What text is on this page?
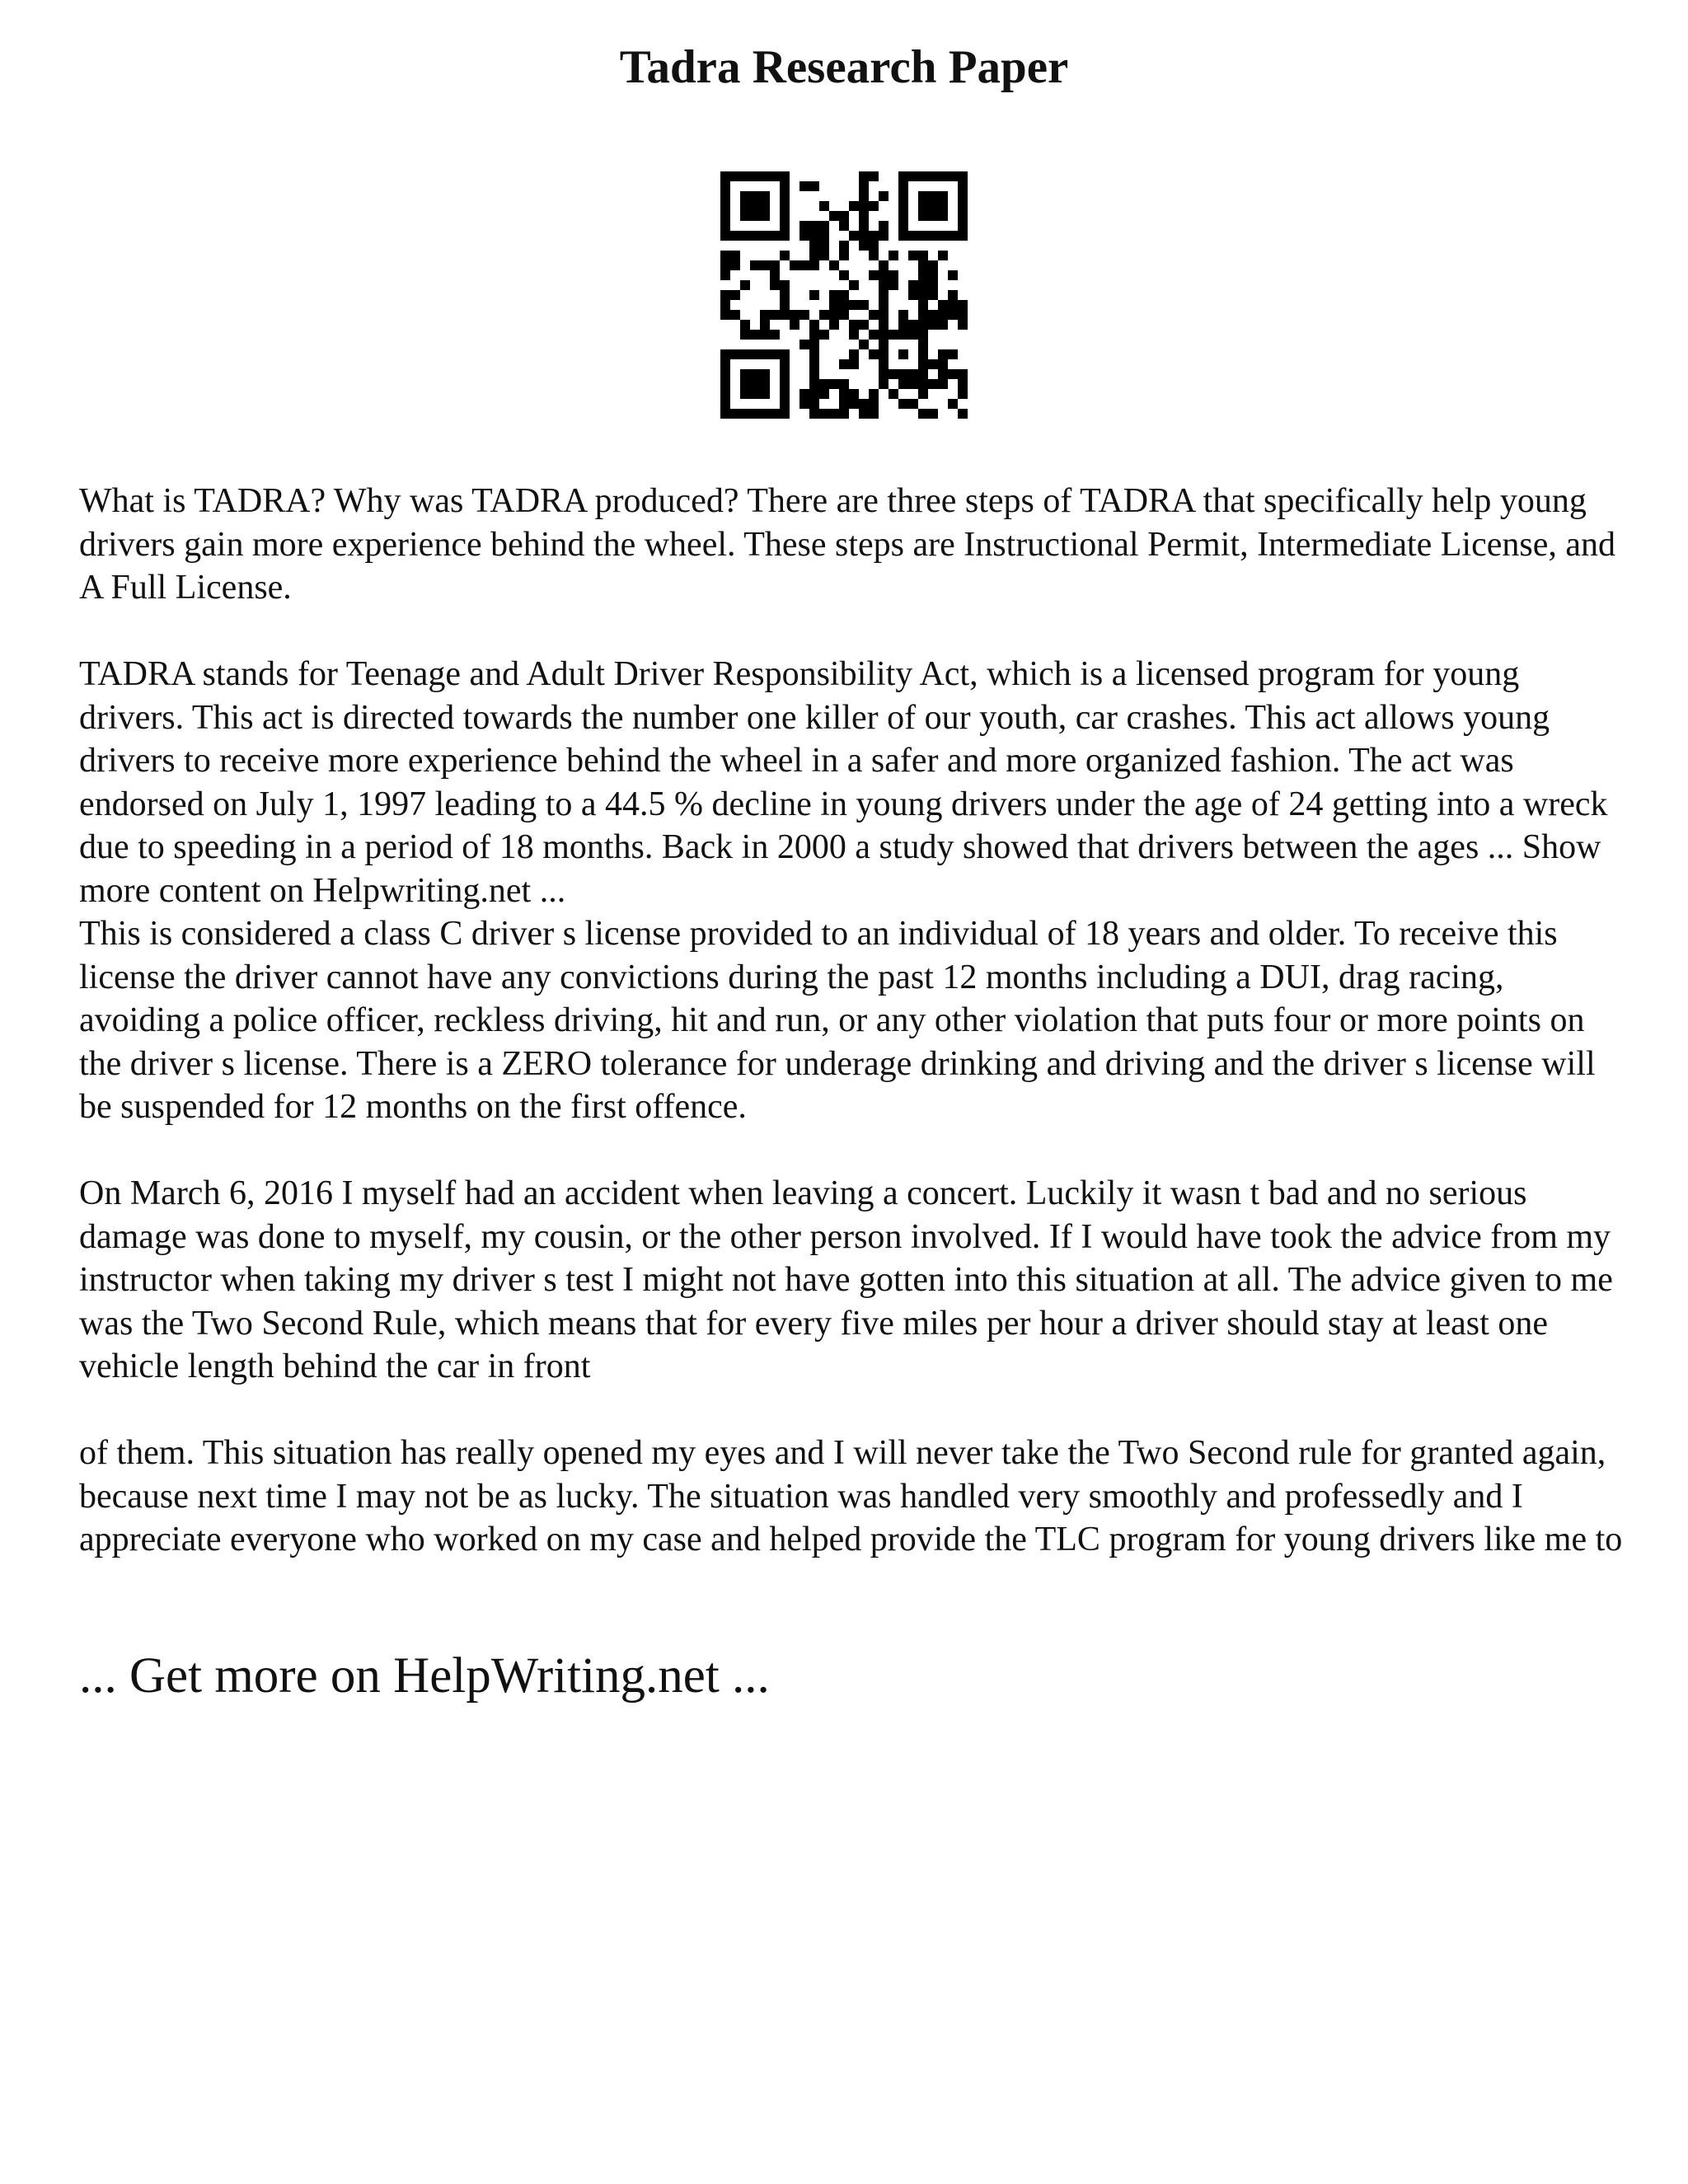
Tadra Research Paper

What is TADRA? Why was TADRA produced? There are three steps of TADRA that specifically help young drivers gain more experience behind the wheel. These steps are Instructional Permit, Intermediate License, and A Full License.

TADRA stands for Teenage and Adult Driver Responsibility Act, which is a licensed program for young drivers. This act is directed towards the number one killer of our youth, car crashes. This act allows young drivers to receive more experience behind the wheel in a safer and more organized fashion. The act was endorsed on July 1, 1997 leading to a 44.5 % decline in young drivers under the age of 24 getting into a wreck due to speeding in a period of 18 months. Back in 2000 a study showed that drivers between the ages ... Show more content on Helpwriting.net ...

This is considered a class C driver s license provided to an individual of 18 years and older. To receive this license the driver cannot have any convictions during the past 12 months including a DUI, drag racing, avoiding a police officer, reckless driving, hit and run, or any other violation that puts four or more points on the driver s license. There is a ZERO tolerance for underage drinking and driving and the driver s license will be suspended for 12 months on the first offence.

On March 6, 2016 I myself had an accident when leaving a concert. Luckily it wasn t bad and no serious damage was done to myself, my cousin, or the other person involved. If I would have took the advice from my instructor when taking my driver s test I might not have gotten into this situation at all. The advice given to me was the Two Second Rule, which means that for every five miles per hour a driver should stay at least one vehicle length behind the car in front

of them. This situation has really opened my eyes and I will never take the Two Second rule for granted again, because next time I may not be as lucky. The situation was handled very smoothly and professedly and I appreciate everyone who worked on my case and helped provide the TLC program for young drivers like me to

... Get more on HelpWriting.net ...
